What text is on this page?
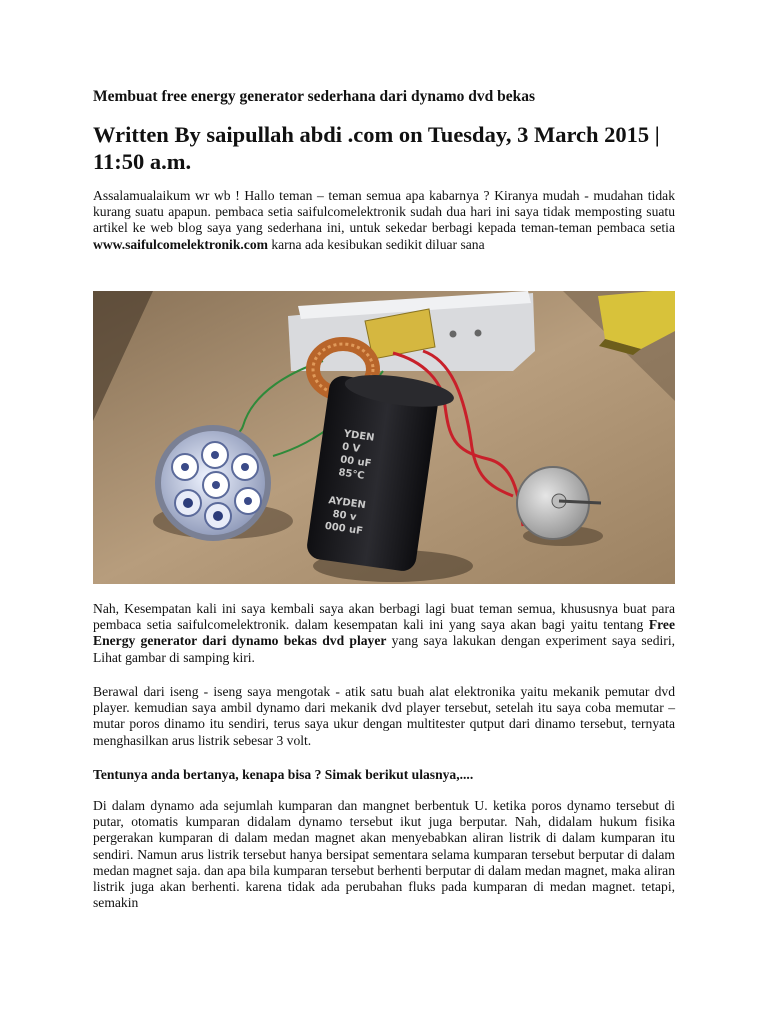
Membuat free energy generator sederhana dari dynamo dvd bekas
Written By saipullah abdi .com on Tuesday, 3 March 2015 | 11:50 a.m.

Assalamualaikum wr wb ! Hallo teman – teman semua apa kabarnya ? Kiranya mudah - mudahan tidak kurang suatu apapun. pembaca setia saifulcomelektronik sudah dua hari ini saya tidak memposting suatu artikel ke web blog saya yang sederhana ini, untuk sekedar berbagi kepada teman-teman pembaca setia www.saifulcomelektronik.com karna ada kesibukan sedikit diluar sana

YDEN
0 V
00 uF
85°C
AYDEN
80 v
000 uF

Nah, Kesempatan kali ini saya kembali saya akan berbagi lagi buat teman semua, khususnya buat para pembaca setia saifulcomelektronik. dalam kesempatan kali ini yang saya akan bagi yaitu tentang Free Energy generator dari dynamo bekas dvd player yang saya lakukan dengan experiment saya sediri, Lihat gambar di samping kiri.

Berawal dari iseng - iseng saya mengotak - atik satu buah alat elektronika yaitu mekanik pemutar dvd player. kemudian saya ambil dynamo dari mekanik dvd player tersebut, setelah itu saya coba memutar – mutar poros dinamo itu sendiri, terus saya ukur dengan multitester qutput dari dinamo tersebut, ternyata menghasilkan arus listrik sebesar 3 volt.

Tentunya anda bertanya, kenapa bisa ? Simak berikut ulasnya,....

Di dalam dynamo ada sejumlah kumparan dan mangnet berbentuk U. ketika poros dynamo tersebut di putar, otomatis kumparan didalam dynamo tersebut ikut juga berputar. Nah, didalam hukum fisika pergerakan kumparan di dalam medan magnet akan menyebabkan aliran listrik di dalam kumparan itu sendiri. Namun arus listrik tersebut hanya bersipat sementara selama kumparan tersebut berputar di dalam medan magnet saja. dan apa bila kumparan tersebut berhenti berputar di dalam medan magnet, maka aliran listrik juga akan berhenti. karena tidak ada perubahan fluks pada kumparan di medan magnet. tetapi, semakin
